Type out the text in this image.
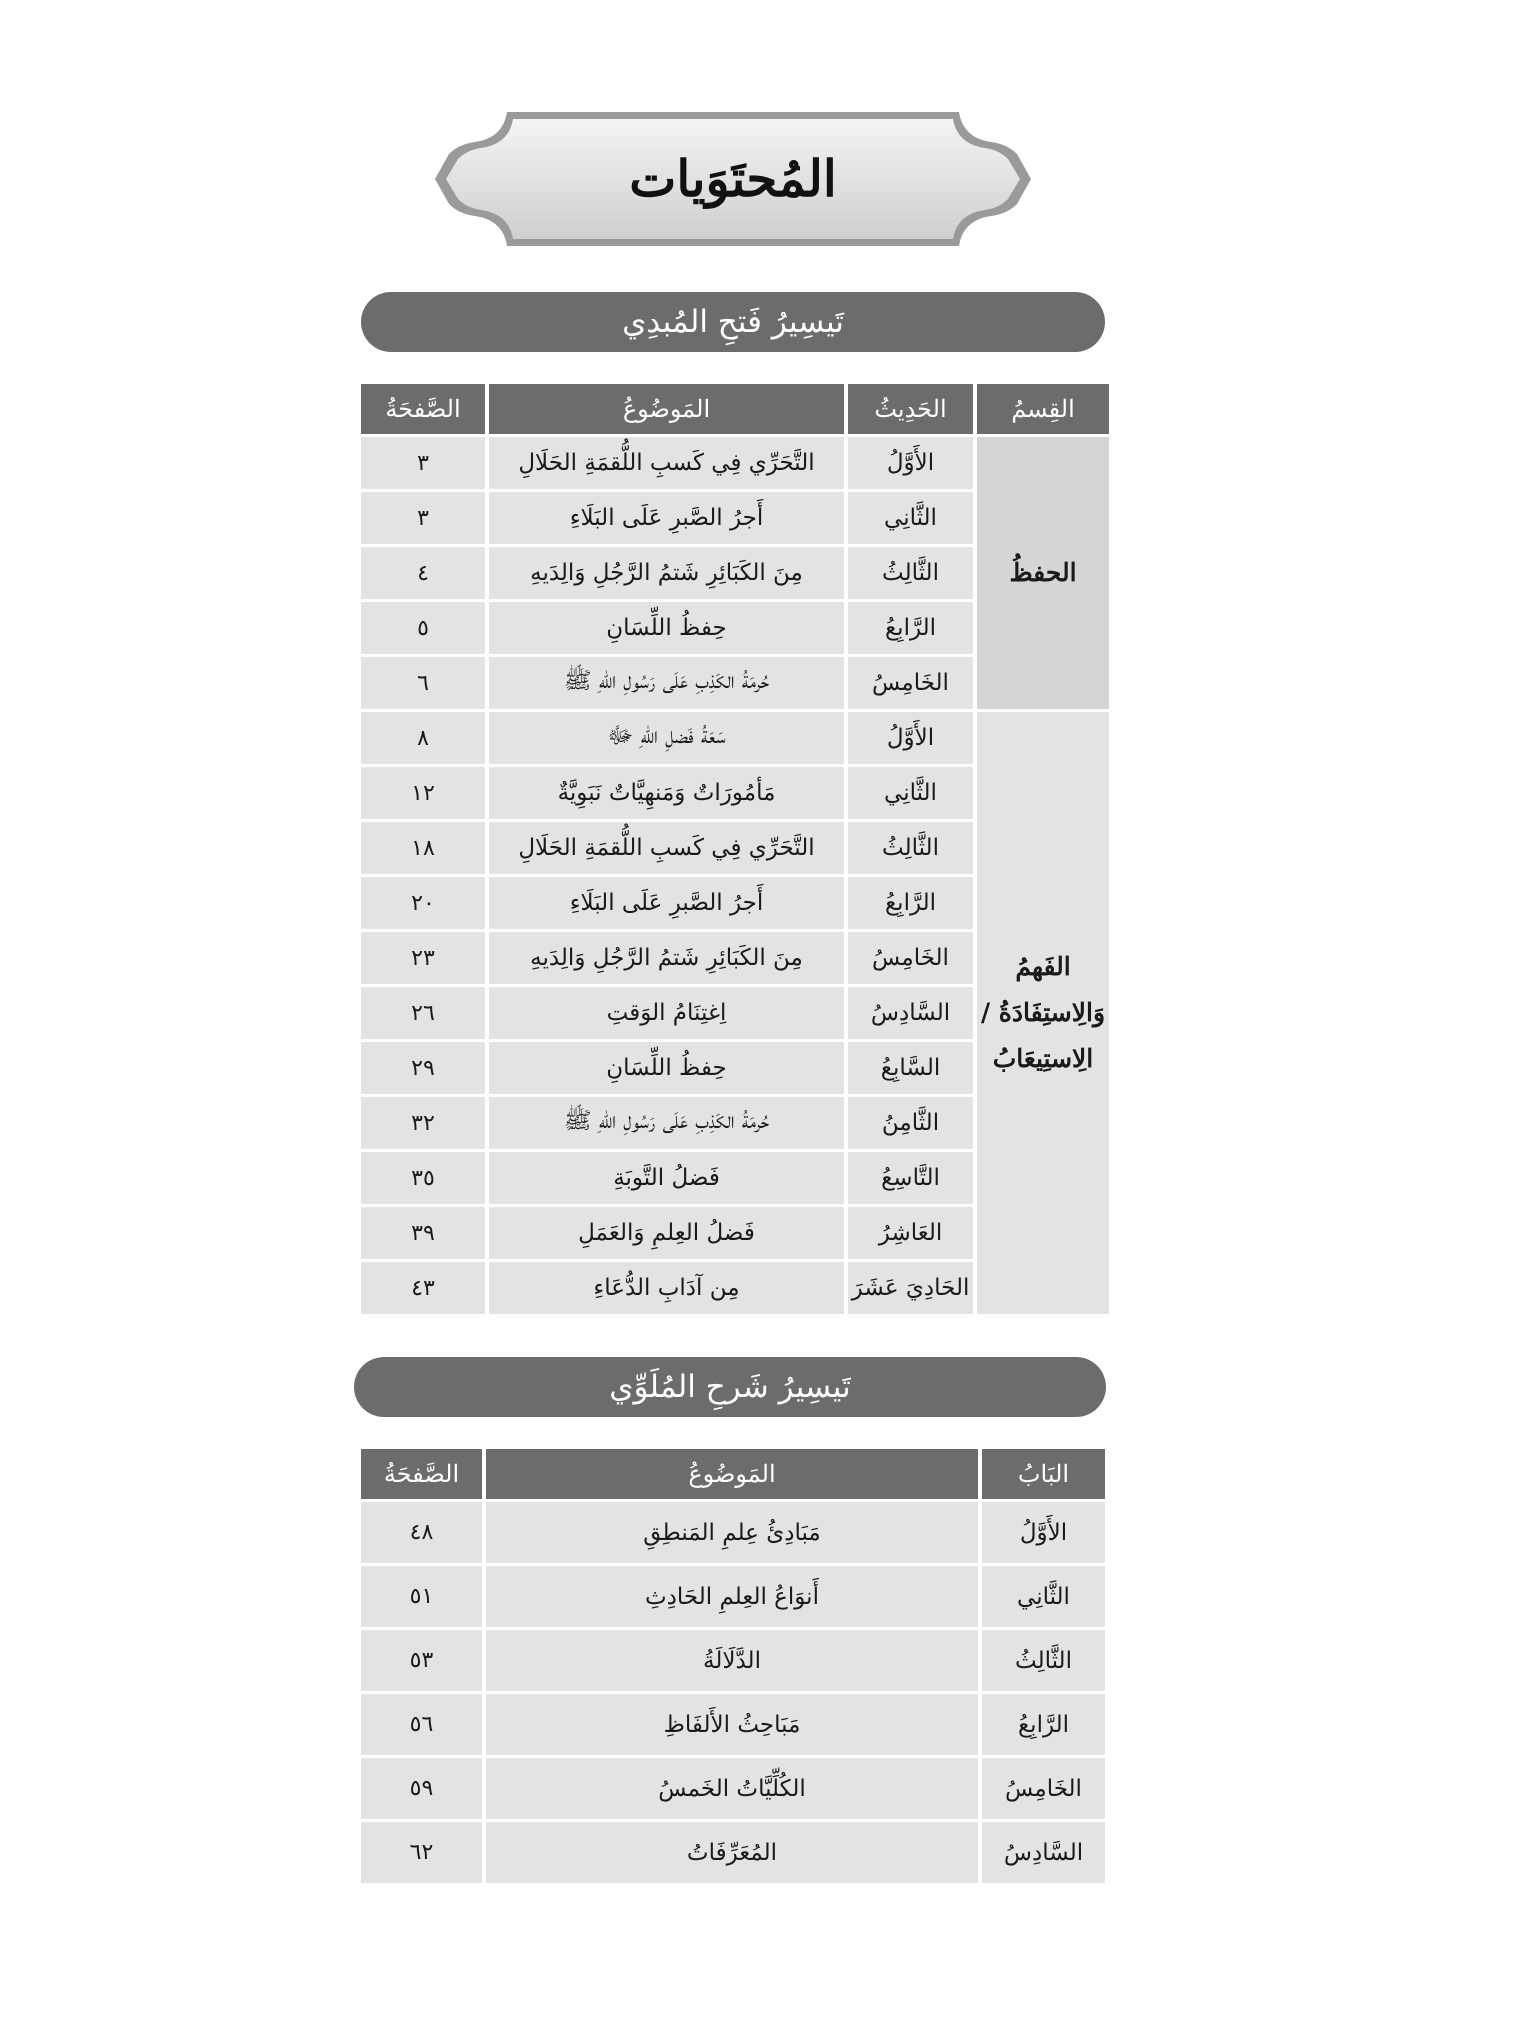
المُحتَوَيات
تَيسِيرُ فَتحِ المُبدِي
القِسمُ	الحَدِيثُ	المَوضُوعُ	الصَّفحَةُ
الحفظُ	الأَوَّلُ	التَّحَرِّي فِي كَسبِ اللُّقمَةِ الحَلَالِ	٣
	الثَّانِي	أَجرُ الصَّبرِ عَلَى البَلَاءِ	٣
	الثَّالِثُ	مِنَ الكَبَائِرِ شَتمُ الرَّجُلِ وَالِدَيهِ	٤
	الرَّابِعُ	حِفظُ اللِّسَانِ	٥
	الخَامِسُ	حُرمَةُ الكَذِبِ عَلَى رَسُولِ اللهِ ﷺ	٦
الفَهمُ وَالِاستِفَادَةُ / الِاستِيعَابُ	الأَوَّلُ	سَعَةُ فَضلِ اللهِ ﷻ	٨
	الثَّانِي	مَأمُورَاتٌ وَمَنهِيَّاتٌ نَبَوِيَّةٌ	١٢
	الثَّالِثُ	التَّحَرِّي فِي كَسبِ اللُّقمَةِ الحَلَالِ	١٨
	الرَّابِعُ	أَجرُ الصَّبرِ عَلَى البَلَاءِ	٢٠
	الخَامِسُ	مِنَ الكَبَائِرِ شَتمُ الرَّجُلِ وَالِدَيهِ	٢٣
	السَّادِسُ	اِغتِنَامُ الوَقتِ	٢٦
	السَّابِعُ	حِفظُ اللِّسَانِ	٢٩
	الثَّامِنُ	حُرمَةُ الكَذِبِ عَلَى رَسُولِ اللهِ ﷺ	٣٢
	التَّاسِعُ	فَضلُ التَّوبَةِ	٣٥
	العَاشِرُ	فَضلُ العِلمِ وَالعَمَلِ	٣٩
	الحَادِيَ عَشَرَ	مِن آدَابِ الدُّعَاءِ	٤٣
تَيسِيرُ شَرحِ المُلَوِّي
البَابُ	المَوضُوعُ	الصَّفحَةُ
الأَوَّلُ	مَبَادِئُ عِلمِ المَنطِقِ	٤٨
الثَّانِي	أَنوَاعُ العِلمِ الحَادِثِ	٥١
الثَّالِثُ	الدَّلَالَةُ	٥٣
الرَّابِعُ	مَبَاحِثُ الأَلفَاظِ	٥٦
الخَامِسُ	الكُلِّيَّاتُ الخَمسُ	٥٩
السَّادِسُ	المُعَرِّفَاتُ	٦٢
